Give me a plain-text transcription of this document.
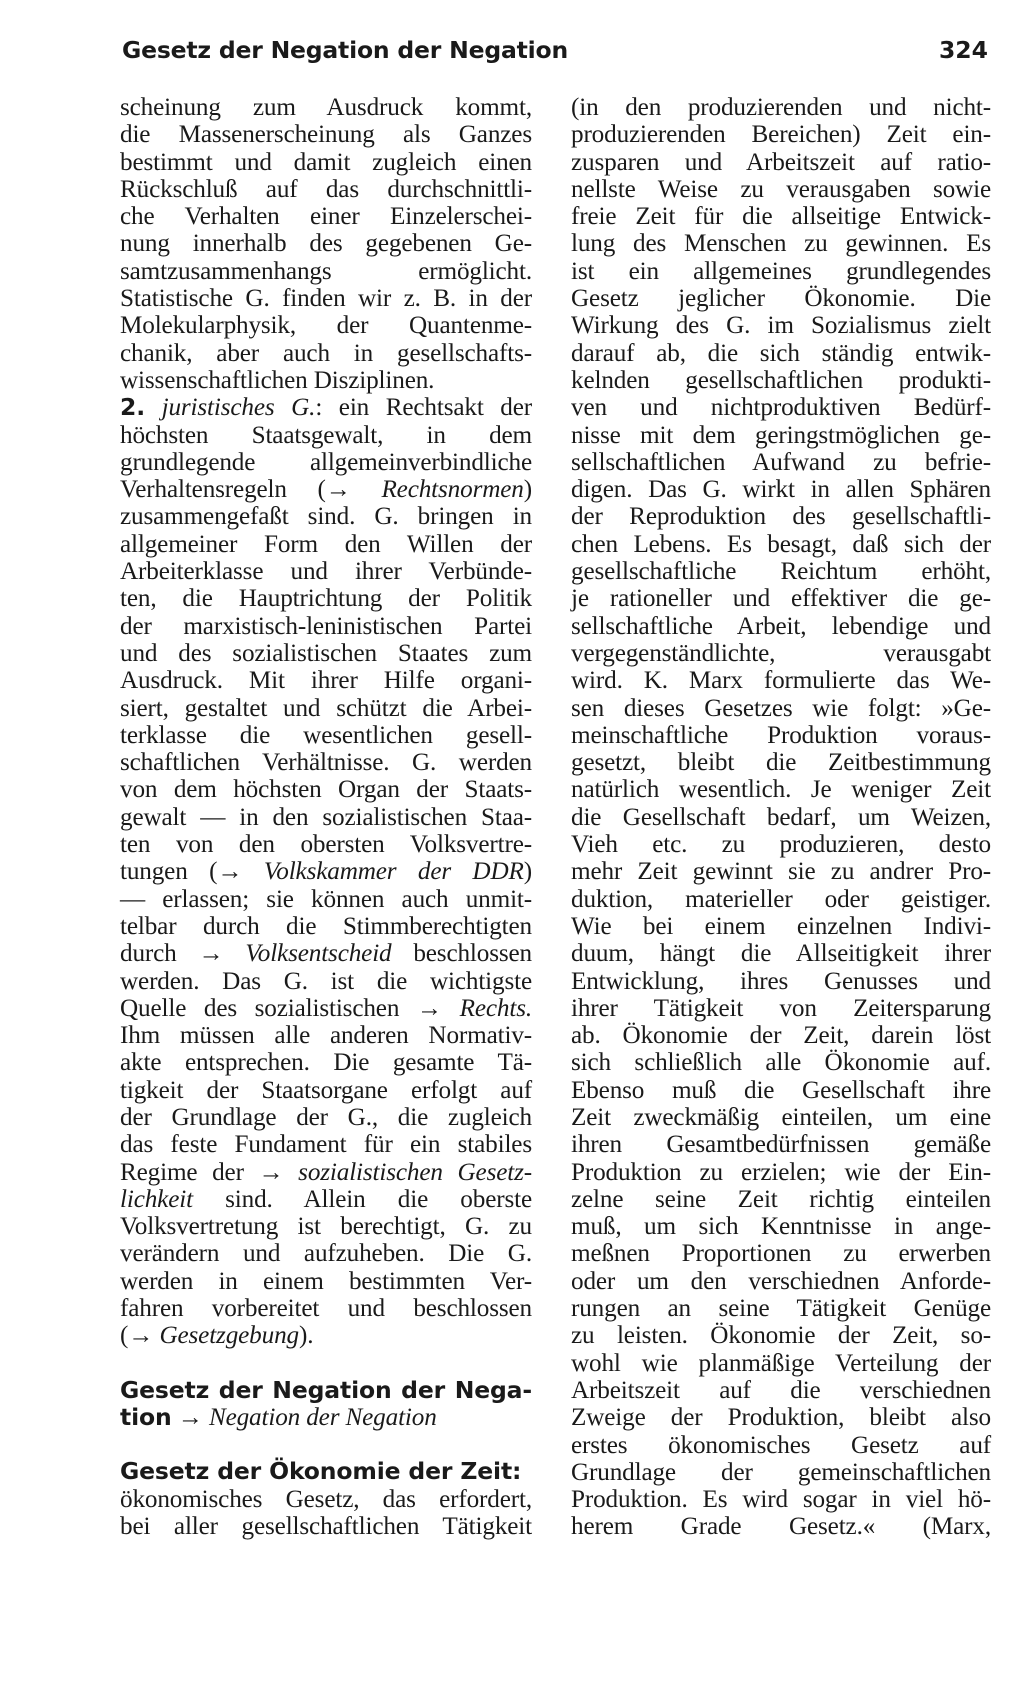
Gesetz der Negation der Negation	324
scheinung zum Ausdruck kommt,
die Massenerscheinung als Ganzes
bestimmt und damit zugleich einen
Rückschluß auf das durchschnittli-
che Verhalten einer Einzelerschei-
nung innerhalb des gegebenen Ge-
samtzusammenhangs ermöglicht.
Statistische G. finden wir z. B. in der
Molekularphysik, der Quantenme-
chanik, aber auch in gesellschafts-
wissenschaftlichen Disziplinen.
2. juristisches G.: ein Rechtsakt der
höchsten Staatsgewalt, in dem
grundlegende allgemeinverbindliche
Verhaltensregeln (→ Rechtsnormen)
zusammengefaßt sind. G. bringen in
allgemeiner Form den Willen der
Arbeiterklasse und ihrer Verbünde-
ten, die Hauptrichtung der Politik
der marxistisch-leninistischen Partei
und des sozialistischen Staates zum
Ausdruck. Mit ihrer Hilfe organi-
siert, gestaltet und schützt die Arbei-
terklasse die wesentlichen gesell-
schaftlichen Verhältnisse. G. werden
von dem höchsten Organ der Staats-
gewalt — in den sozialistischen Staa-
ten von den obersten Volksvertre-
tungen (→ Volkskammer der DDR)
— erlassen; sie können auch unmit-
telbar durch die Stimmberechtigten
durch → Volksentscheid beschlossen
werden. Das G. ist die wichtigste
Quelle des sozialistischen → Rechts.
Ihm müssen alle anderen Normativ-
akte entsprechen. Die gesamte Tä-
tigkeit der Staatsorgane erfolgt auf
der Grundlage der G., die zugleich
das feste Fundament für ein stabiles
Regime der → sozialistischen Gesetz-
lichkeit sind. Allein die oberste
Volksvertretung ist berechtigt, G. zu
verändern und aufzuheben. Die G.
werden in einem bestimmten Ver-
fahren vorbereitet und beschlossen
(→ Gesetzgebung).
Gesetz der Negation der Nega-
tion → Negation der Negation
Gesetz der Ökonomie der Zeit:
ökonomisches Gesetz, das erfordert,
bei aller gesellschaftlichen Tätigkeit
(in den produzierenden und nicht-
produzierenden Bereichen) Zeit ein-
zusparen und Arbeitszeit auf ratio-
nellste Weise zu verausgaben sowie
freie Zeit für die allseitige Entwick-
lung des Menschen zu gewinnen. Es
ist ein allgemeines grundlegendes
Gesetz jeglicher Ökonomie. Die
Wirkung des G. im Sozialismus zielt
darauf ab, die sich ständig entwik-
kelnden gesellschaftlichen produkti-
ven und nichtproduktiven Bedürf-
nisse mit dem geringstmöglichen ge-
sellschaftlichen Aufwand zu befrie-
digen. Das G. wirkt in allen Sphären
der Reproduktion des gesellschaftli-
chen Lebens. Es besagt, daß sich der
gesellschaftliche Reichtum erhöht,
je rationeller und effektiver die ge-
sellschaftliche Arbeit, lebendige und
vergegenständlichte, verausgabt
wird. K. Marx formulierte das We-
sen dieses Gesetzes wie folgt: »Ge-
meinschaftliche Produktion voraus-
gesetzt, bleibt die Zeitbestimmung
natürlich wesentlich. Je weniger Zeit
die Gesellschaft bedarf, um Weizen,
Vieh etc. zu produzieren, desto
mehr Zeit gewinnt sie zu andrer Pro-
duktion, materieller oder geistiger.
Wie bei einem einzelnen Indivi-
duum, hängt die Allseitigkeit ihrer
Entwicklung, ihres Genusses und
ihrer Tätigkeit von Zeitersparung
ab. Ökonomie der Zeit, darein löst
sich schließlich alle Ökonomie auf.
Ebenso muß die Gesellschaft ihre
Zeit zweckmäßig einteilen, um eine
ihren Gesamtbedürfnissen gemäße
Produktion zu erzielen; wie der Ein-
zelne seine Zeit richtig einteilen
muß, um sich Kenntnisse in ange-
meßnen Proportionen zu erwerben
oder um den verschiednen Anforde-
rungen an seine Tätigkeit Genüge
zu leisten. Ökonomie der Zeit, so-
wohl wie planmäßige Verteilung der
Arbeitszeit auf die verschiednen
Zweige der Produktion, bleibt also
erstes ökonomisches Gesetz auf
Grundlage der gemeinschaftlichen
Produktion. Es wird sogar in viel hö-
herem Grade Gesetz.« (Marx,
